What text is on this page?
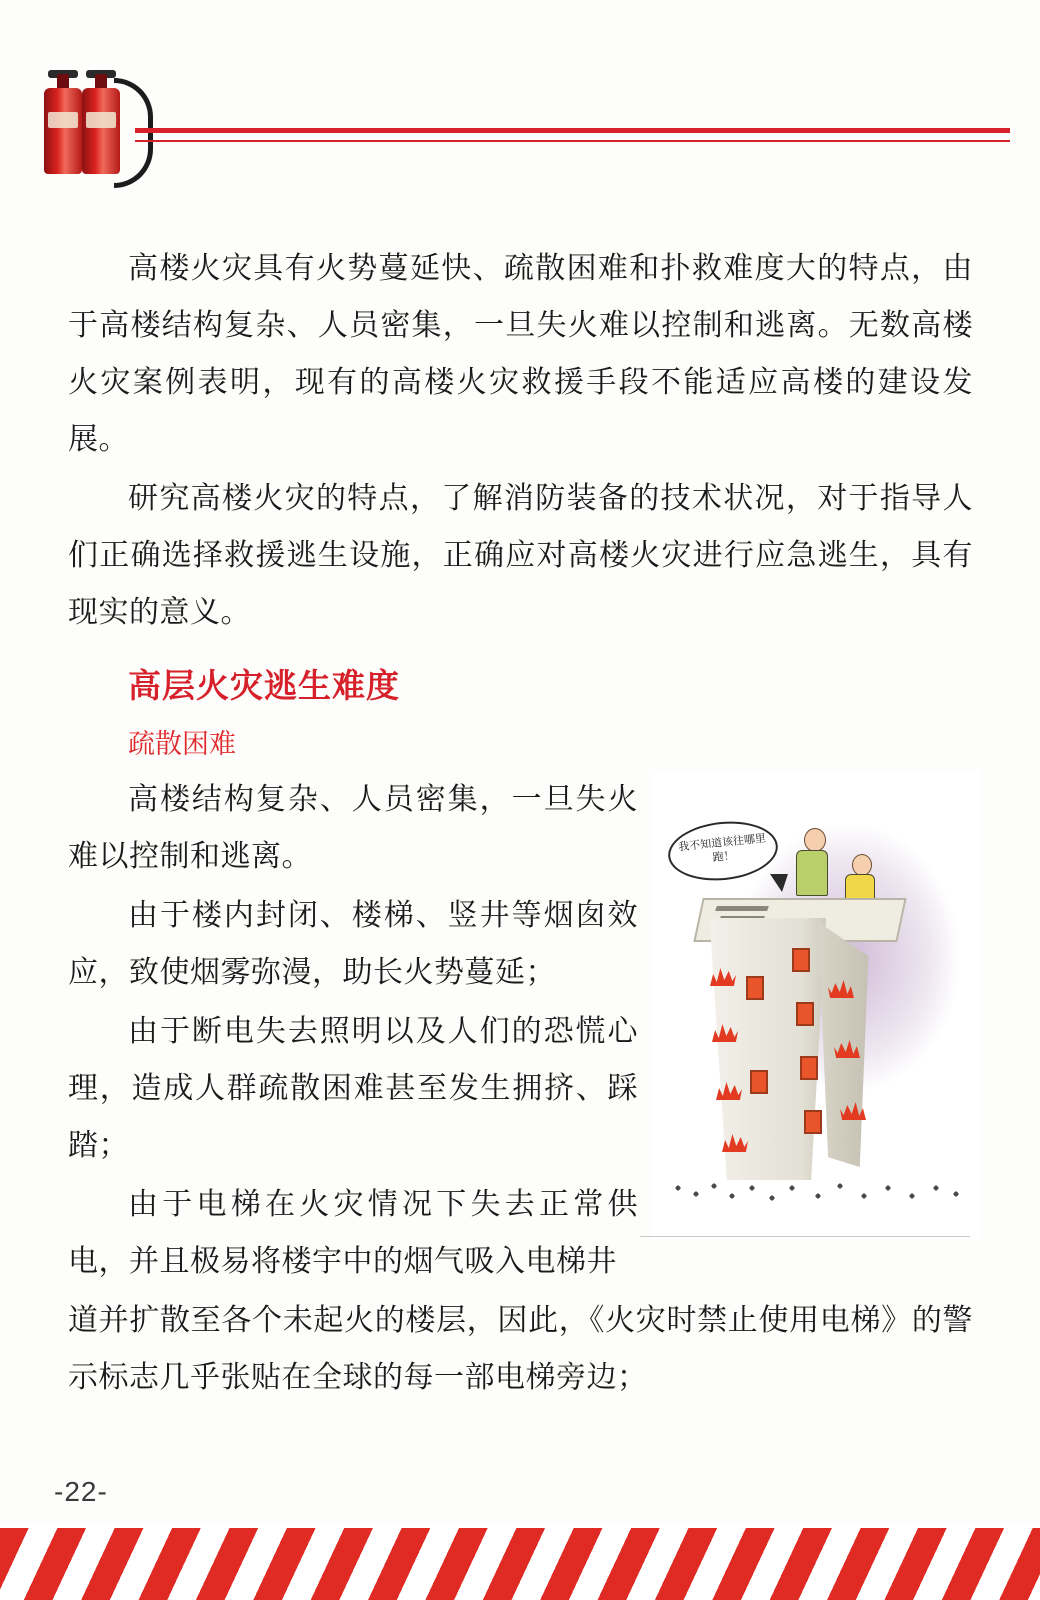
我不知道该往哪里跑！

高楼火灾具有火势蔓延快、疏散困难和扑救难度大的特点，由于高楼结构复杂、人员密集，一旦失火难以控制和逃离。无数高楼火灾案例表明，现有的高楼火灾救援手段不能适应高楼的建设发展。

研究高楼火灾的特点，了解消防装备的技术状况，对于指导人们正确选择救援逃生设施，正确应对高楼火灾进行应急逃生，具有现实的意义。

高层火灾逃生难度
疏散困难

高楼结构复杂、人员密集，一旦失火难以控制和逃离。

由于楼内封闭、楼梯、竖井等烟囱效应，致使烟雾弥漫，助长火势蔓延；

由于断电失去照明以及人们的恐慌心理，造成人群疏散困难甚至发生拥挤、踩踏；

由于电梯在火灾情况下失去正常供电，并且极易将楼宇中的烟气吸入电梯井

道并扩散至各个未起火的楼层，因此，《火灾时禁止使用电梯》的警示标志几乎张贴在全球的每一部电梯旁边；

-22-
